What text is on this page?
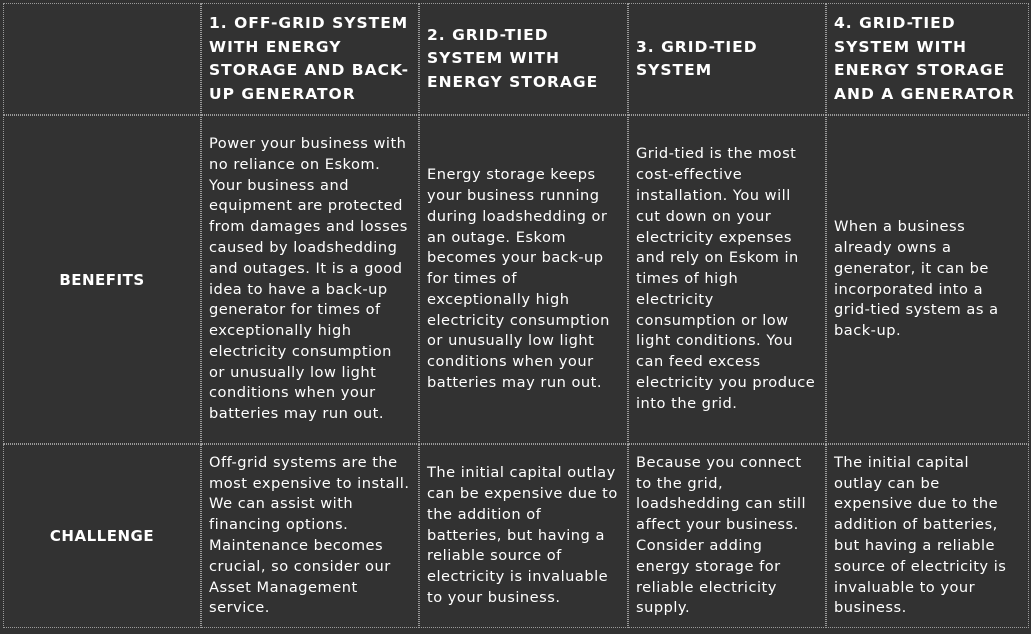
1. OFF-GRID SYSTEM WITH ENERGY STORAGE AND BACK-UP GENERATOR
2. GRID-TIED SYSTEM WITH ENERGY STORAGE
3. GRID-TIED SYSTEM
4. GRID-TIED SYSTEM WITH ENERGY STORAGE AND A GENERATOR
BENEFITS
Power your business with no reliance on Eskom. Your business and equipment are protected from damages and losses caused by loadshedding and outages. It is a good idea to have a back-up generator for times of exceptionally high electricity consumption or unusually low light conditions when your batteries may run out.
Energy storage keeps your business running during loadshedding or an outage. Eskom becomes your back-up for times of exceptionally high electricity consumption or unusually low light conditions when your batteries may run out.
Grid-tied is the most cost-effective installation. You will cut down on your electricity expenses and rely on Eskom in times of high electricity consumption or low light conditions. You can feed excess electricity you produce into the grid.
When a business already owns a generator, it can be incorporated into a grid-tied system as a back-up.
CHALLENGE
Off-grid systems are the most expensive to install. We can assist with financing options. Maintenance becomes crucial, so consider our Asset Management service.
The initial capital outlay can be expensive due to the addition of batteries, but having a reliable source of electricity is invaluable to your business.
Because you connect to the grid, loadshedding can still affect your business. Consider adding energy storage for reliable electricity supply.
The initial capital outlay can be expensive due to the addition of batteries, but having a reliable source of electricity is invaluable to your business.
